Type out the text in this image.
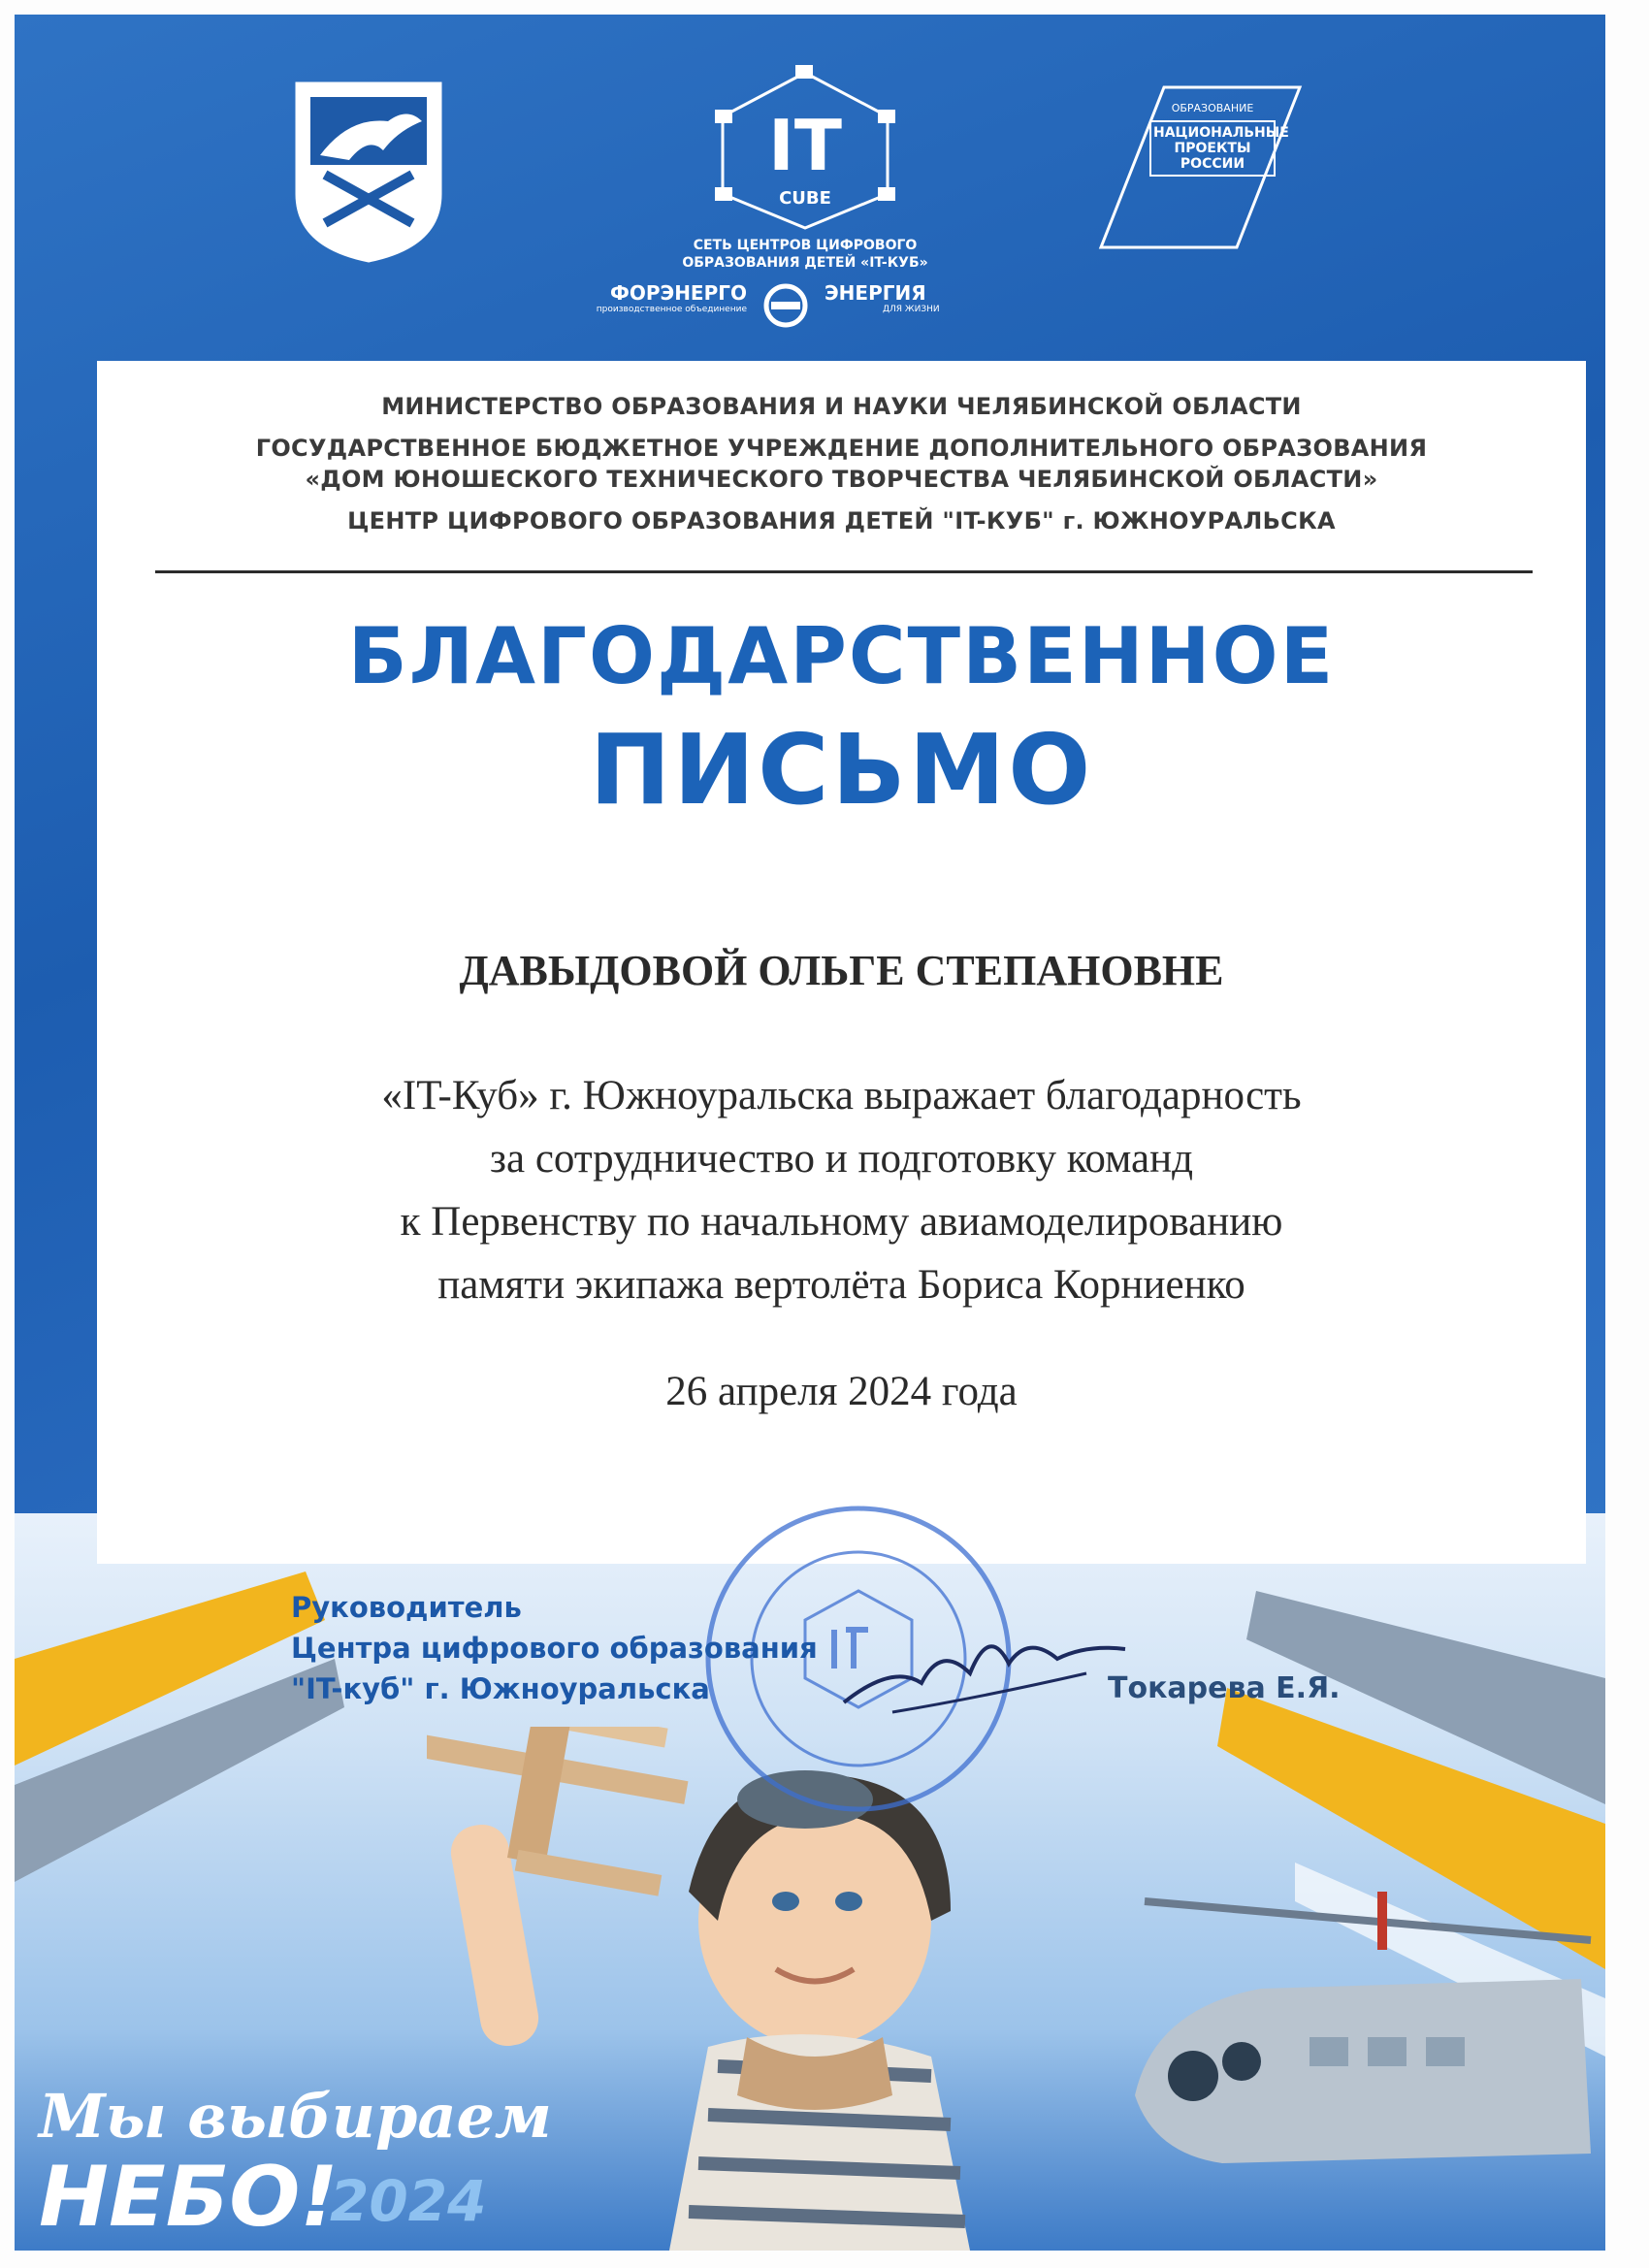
IT
CUBE
СЕТЬ ЦЕНТРОВ ЦИФРОВОГО
ОБРАЗОВАНИЯ ДЕТЕЙ «IT-КУБ»
ОБРАЗОВАНИЕ
НАЦИОНАЛЬНЫЕ
ПРОЕКТЫ
РОССИИ
ФОРЭНЕРГО
производственное объединение
ЭНЕРГИЯ
ДЛЯ ЖИЗНИ
МИНИСТЕРСТВО ОБРАЗОВАНИЯ И НАУКИ ЧЕЛЯБИНСКОЙ ОБЛАСТИ
ГОСУДАРСТВЕННОЕ БЮДЖЕТНОЕ УЧРЕЖДЕНИЕ ДОПОЛНИТЕЛЬНОГО ОБРАЗОВАНИЯ
«ДОМ ЮНОШЕСКОГО ТЕХНИЧЕСКОГО ТВОРЧЕСТВА ЧЕЛЯБИНСКОЙ ОБЛАСТИ»
ЦЕНТР ЦИФРОВОГО ОБРАЗОВАНИЯ ДЕТЕЙ "IT-КУБ" г. ЮЖНОУРАЛЬСКА
БЛАГОДАРСТВЕННОЕ
ПИСЬМО
ДАВЫДОВОЙ ОЛЬГЕ СТЕПАНОВНЕ
«IT-Куб» г. Южноуральска выражает благодарность
за сотрудничество и подготовку команд
к Первенству по начальному авиамоделированию
памяти экипажа вертолёта Бориса Корниенко
26 апреля 2024 года
Руководитель
Центра цифрового образования
"IT-куб" г. Южноуральска	Токарева Е.Я.
Мы выбираем
НЕБО!
2024
